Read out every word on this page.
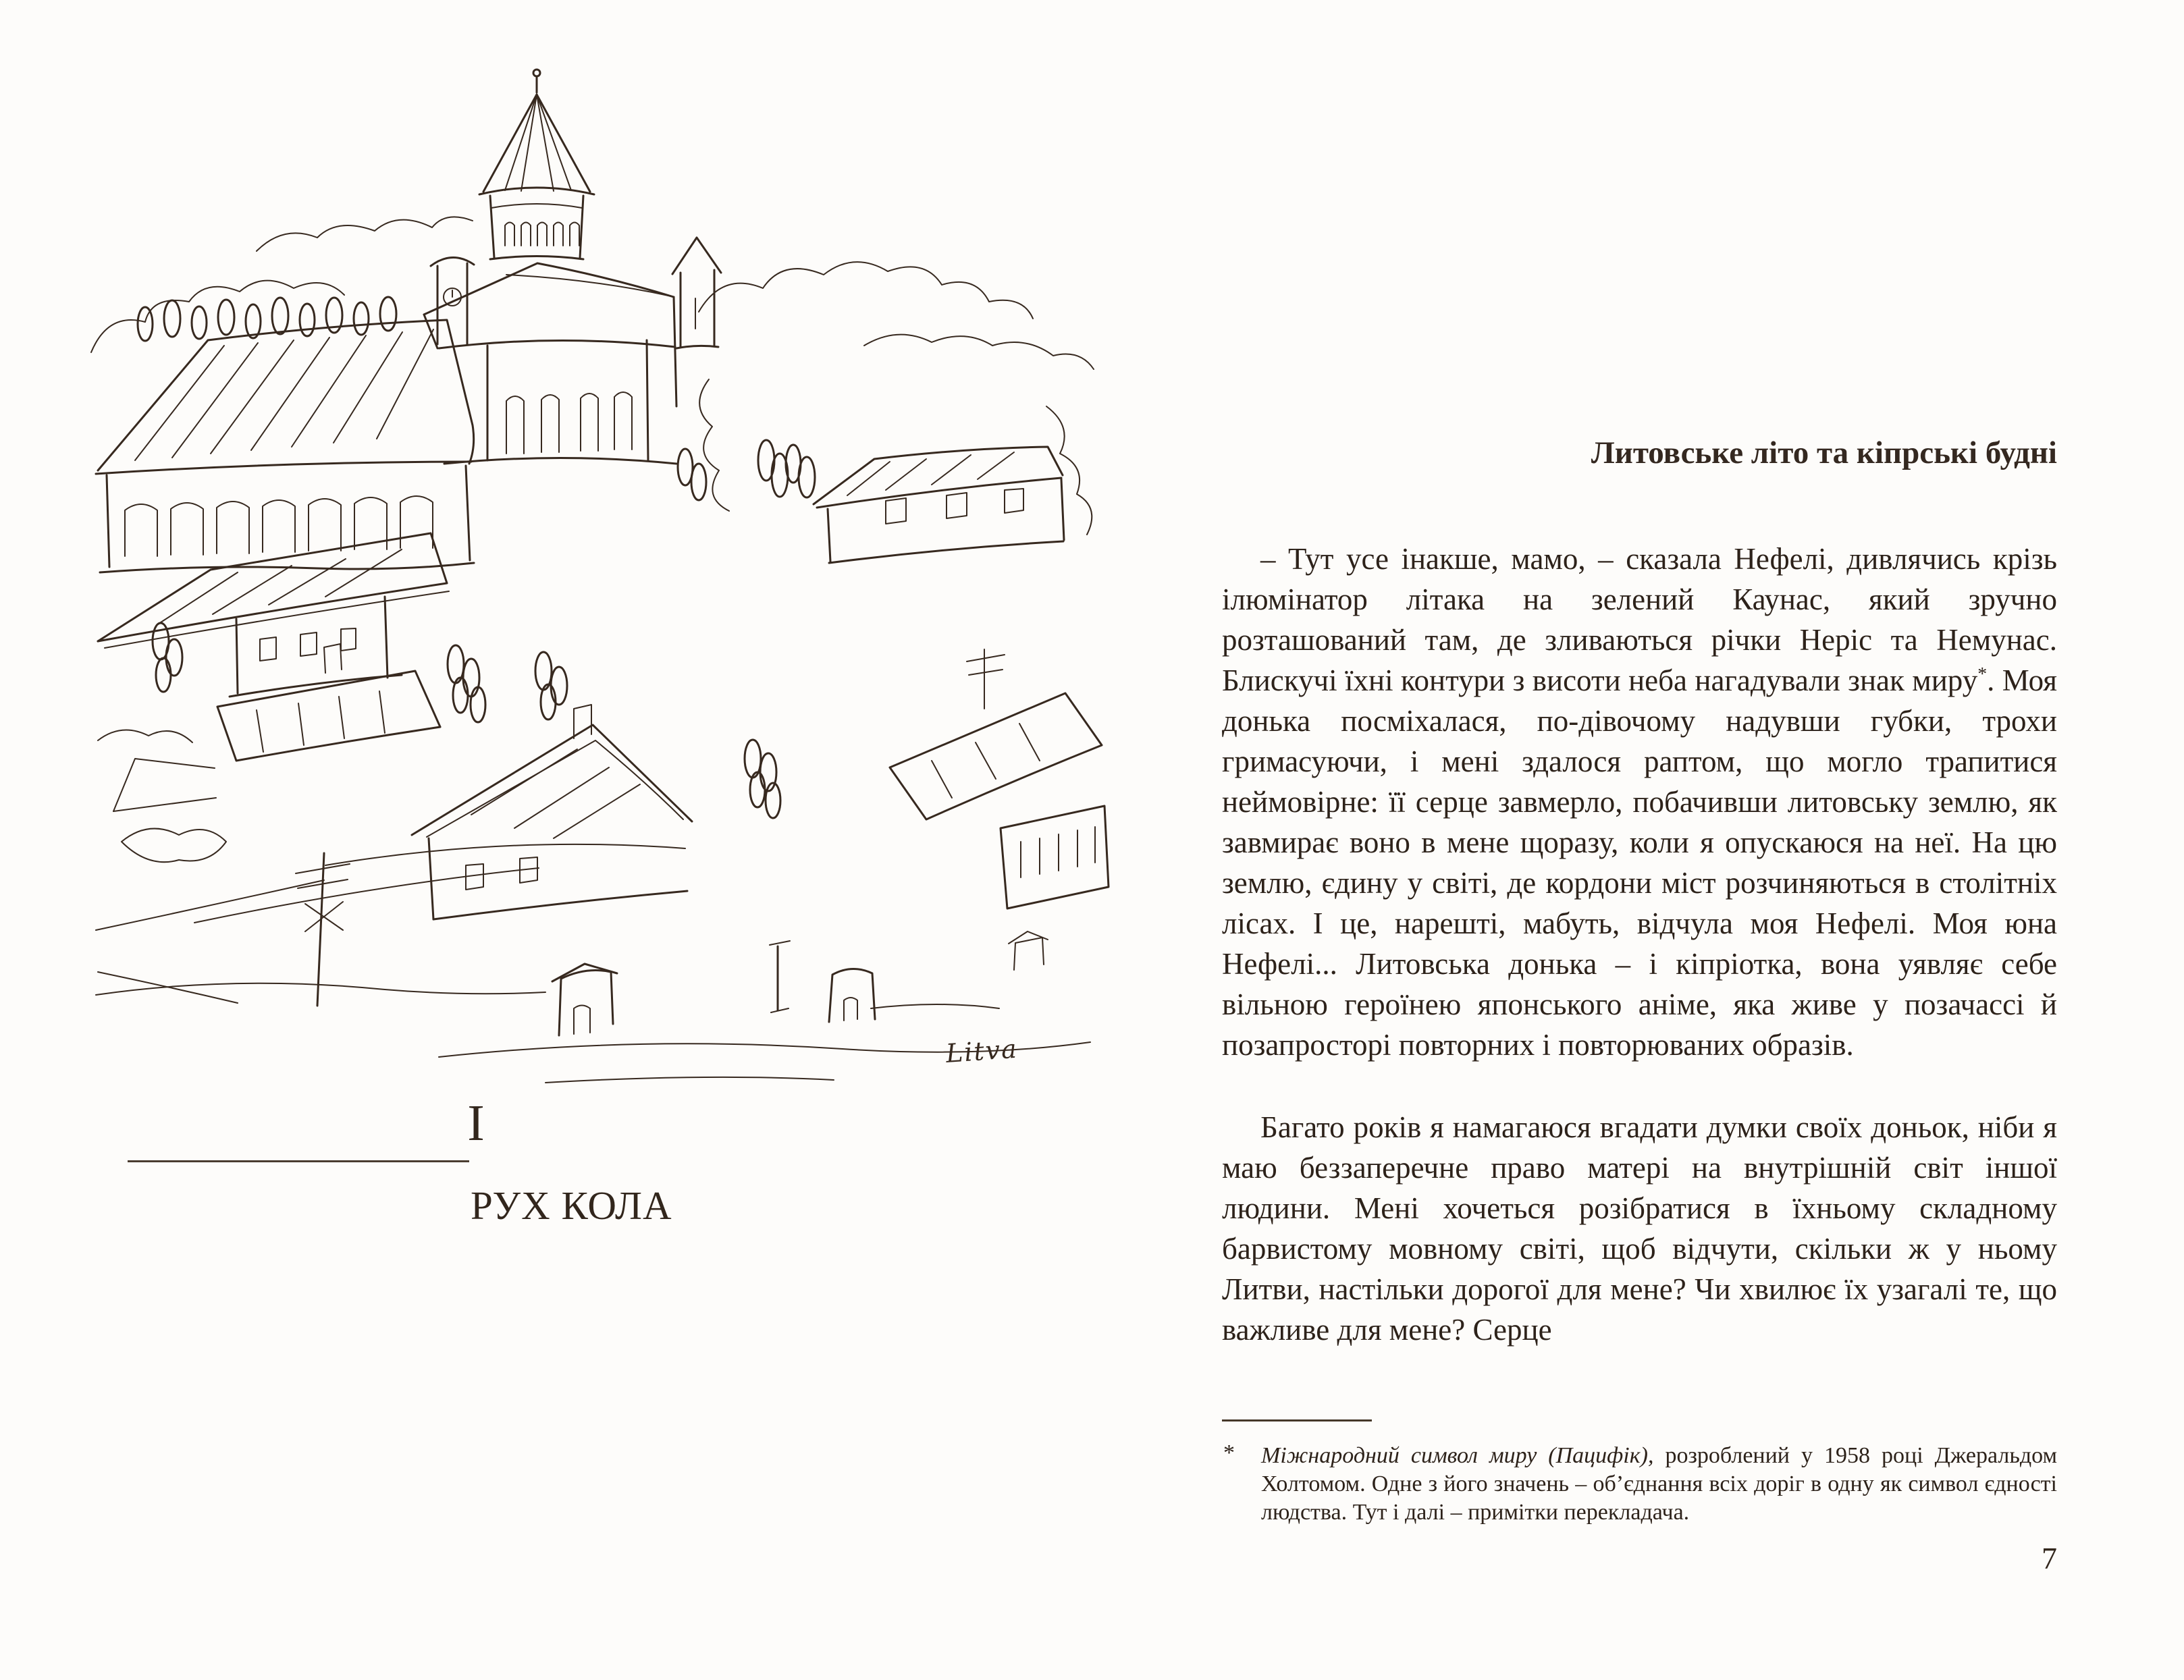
Litva
I
РУХ КОЛА
Литовське літо та кіпрські будні

– Тут усе інакше, мамо, – сказала Нефелі, дивлячись крізь ілюмінатор літака на зелений Каунас, який зручно розташований там, де зливаються річки Неріс та Немунас. Блискучі їхні контури з висоти неба нагадували знак миру*. Моя донька посміхалася, по-дівочому надувши губки, трохи гримасуючи, і мені здалося раптом, що могло трапитися неймовірне: її серце завмерло, побачивши литовську землю, як завмирає воно в мене щоразу, коли я опускаюся на неї. На цю землю, єдину у світі, де кордони міст розчиняються в столітніх лісах. І це, нарешті, мабуть, відчула моя Нефелі. Моя юна Нефелі... Литовська донька – і кіпріотка, вона уявляє себе вільною героїнею японського аніме, яка живе у позачассі й позапросторі повторних і повторюваних образів.

Багато років я намагаюся вгадати думки своїх доньок, ніби я маю беззаперечне право матері на внутрішній світ іншої людини. Мені хочеться розібратися в їхньому складному барвистому мовному світі, щоб відчути, скільки ж у ньому Литви, настільки дорогої для мене? Чи хвилює їх узагалі те, що важливе для мене? Серце

* Міжнародний символ миру (Пацифік), розроблений у 1958 році Джеральдом Холтомом. Одне з його значень – об’єднання всіх доріг в одну як символ єдності людства. Тут і далі – примітки перекладача.
7
